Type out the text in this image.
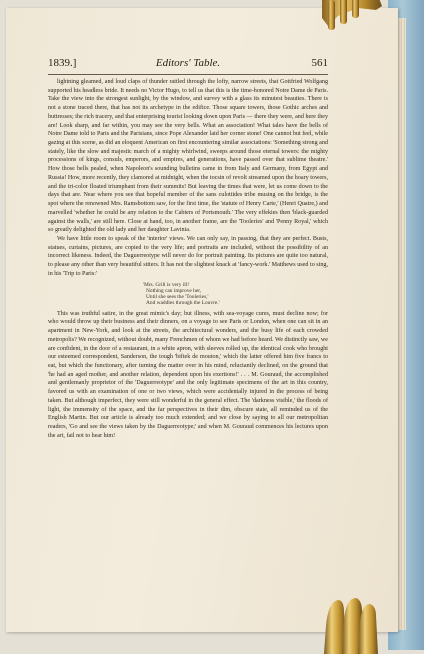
1839.]	Editors' Table.	561

lightning gleamed, and loud claps of thunder rattled through the lofty, narrow streets, that Gottfried Wolfgang supported his headless bride. It needs no Victor Hugo, to tell us that this is the time-honored Notre Dame de Paris. Take the view into the strongest sunlight, by the window, and survey with a glass its minutest beauties. There is not a stone traced there, that has not its archetype in the edifice. Those square towers, those Gothic arches and buttresses; the rich tracery, and that enterprising tourist looking down upon Paris — there they were, and here they are! Look sharp, and far within, you may see the very bells. What an association! What tales have the bells of Notre Dame told to Paris and the Parisians, since Pope Alexander laid her corner stone! One cannot but feel, while gazing at this scene, as did an eloquent American on first encountering similar associations: 'Something strong and stately, like the slow and majestic march of a mighty whirlwind, sweeps around those eternal towers: the mighty processions of kings, consuls, emperors, and empires, and generations, have passed over that sublime theatre.' How those bells pealed, when Napoleon's sounding bulletins came in from Italy and Germany, from Egypt and Russia! How, more recently, they clamored at midnight, when the tocsin of revolt streamed upon the hoary towers, and the tri-color floated triumphant from their summits! But leaving the times that were, let us come down to the days that are. Near where you see that hopeful member of the sans culottides tribe musing on the bridge, is the spot where the renowned Mrs. Ramsbottom saw, for the first time, the 'statute of Henry Carte,' (Henri Quatre,) and marvelled 'whether he could be any relation to the Cabters of Portsmouth.' The very effekies then 'black-guarded against the walls,' are still here. Close at hand, too, in another frame, are the 'Tooleries' and 'Penny Royal,' which so greatly delighted the old lady and her daughter Lavinia.

We have little room to speak of the 'interior' views. We can only say, in passing, that they are perfect. Busts, statues, curtains, pictures, are copied to the very life; and portraits are included, without the possibility of an incorrect likeness. Indeed, the Daguerreotype will never do for portrait painting. Its pictures are quite too natural, to please any other than very beautiful sitters. It has not the slightest knack at 'fancy-work.' Matthews used to sing, in his 'Trip to Paris:'

'Mrs. Grill is very ill!
Nothing can improve her,
Until she sees the 'Tooleries,'
And waddles through the Louvre.'

This was truthful satire, in the great mimic's day; but illness, with sea-voyage cures, must decline now; for who would throw up their business and their dinners, on a voyage to see Paris or London, when one can sit in an apartment in New-York, and look at the streets, the architectural wonders, and the busy life of each crowded metropolis? We recognized, without doubt, many Frenchmen of whom we had before heard. We distinctly saw, we are confident, in the door of a restaurant, in a white apron, with sleeves rolled up, the identical cook who brought our esteemed correspondent, Sanderson, the tough 'biftek de mouton,' which the latter offered him five francs to eat, but which the functionary, after turning the matter over in his mind, reluctantly declined, on the ground that 'he had an aged mother, and another relation, dependent upon his exertions!' . . . M. Gouraud, the accomplished and gentlemanly proprietor of the 'Daguerreotype' and the only legitimate specimens of the art in this country, favored us with an examination of one or two views, which were accidentally injured in the process of being taken. But although imperfect, they were still wonderful in the general effect. The 'darkness visible,' the floods of light, the immensity of the space, and the far perspectives in their dim, obscure state, all reminded us of the English Martin. But our article is already too much extended; and we close by saying to all our metropolitan readers, 'Go and see the views taken by the Daguerreotype;' and when M. Gouraud commences his lectures upon the art, fail not to hear him!
